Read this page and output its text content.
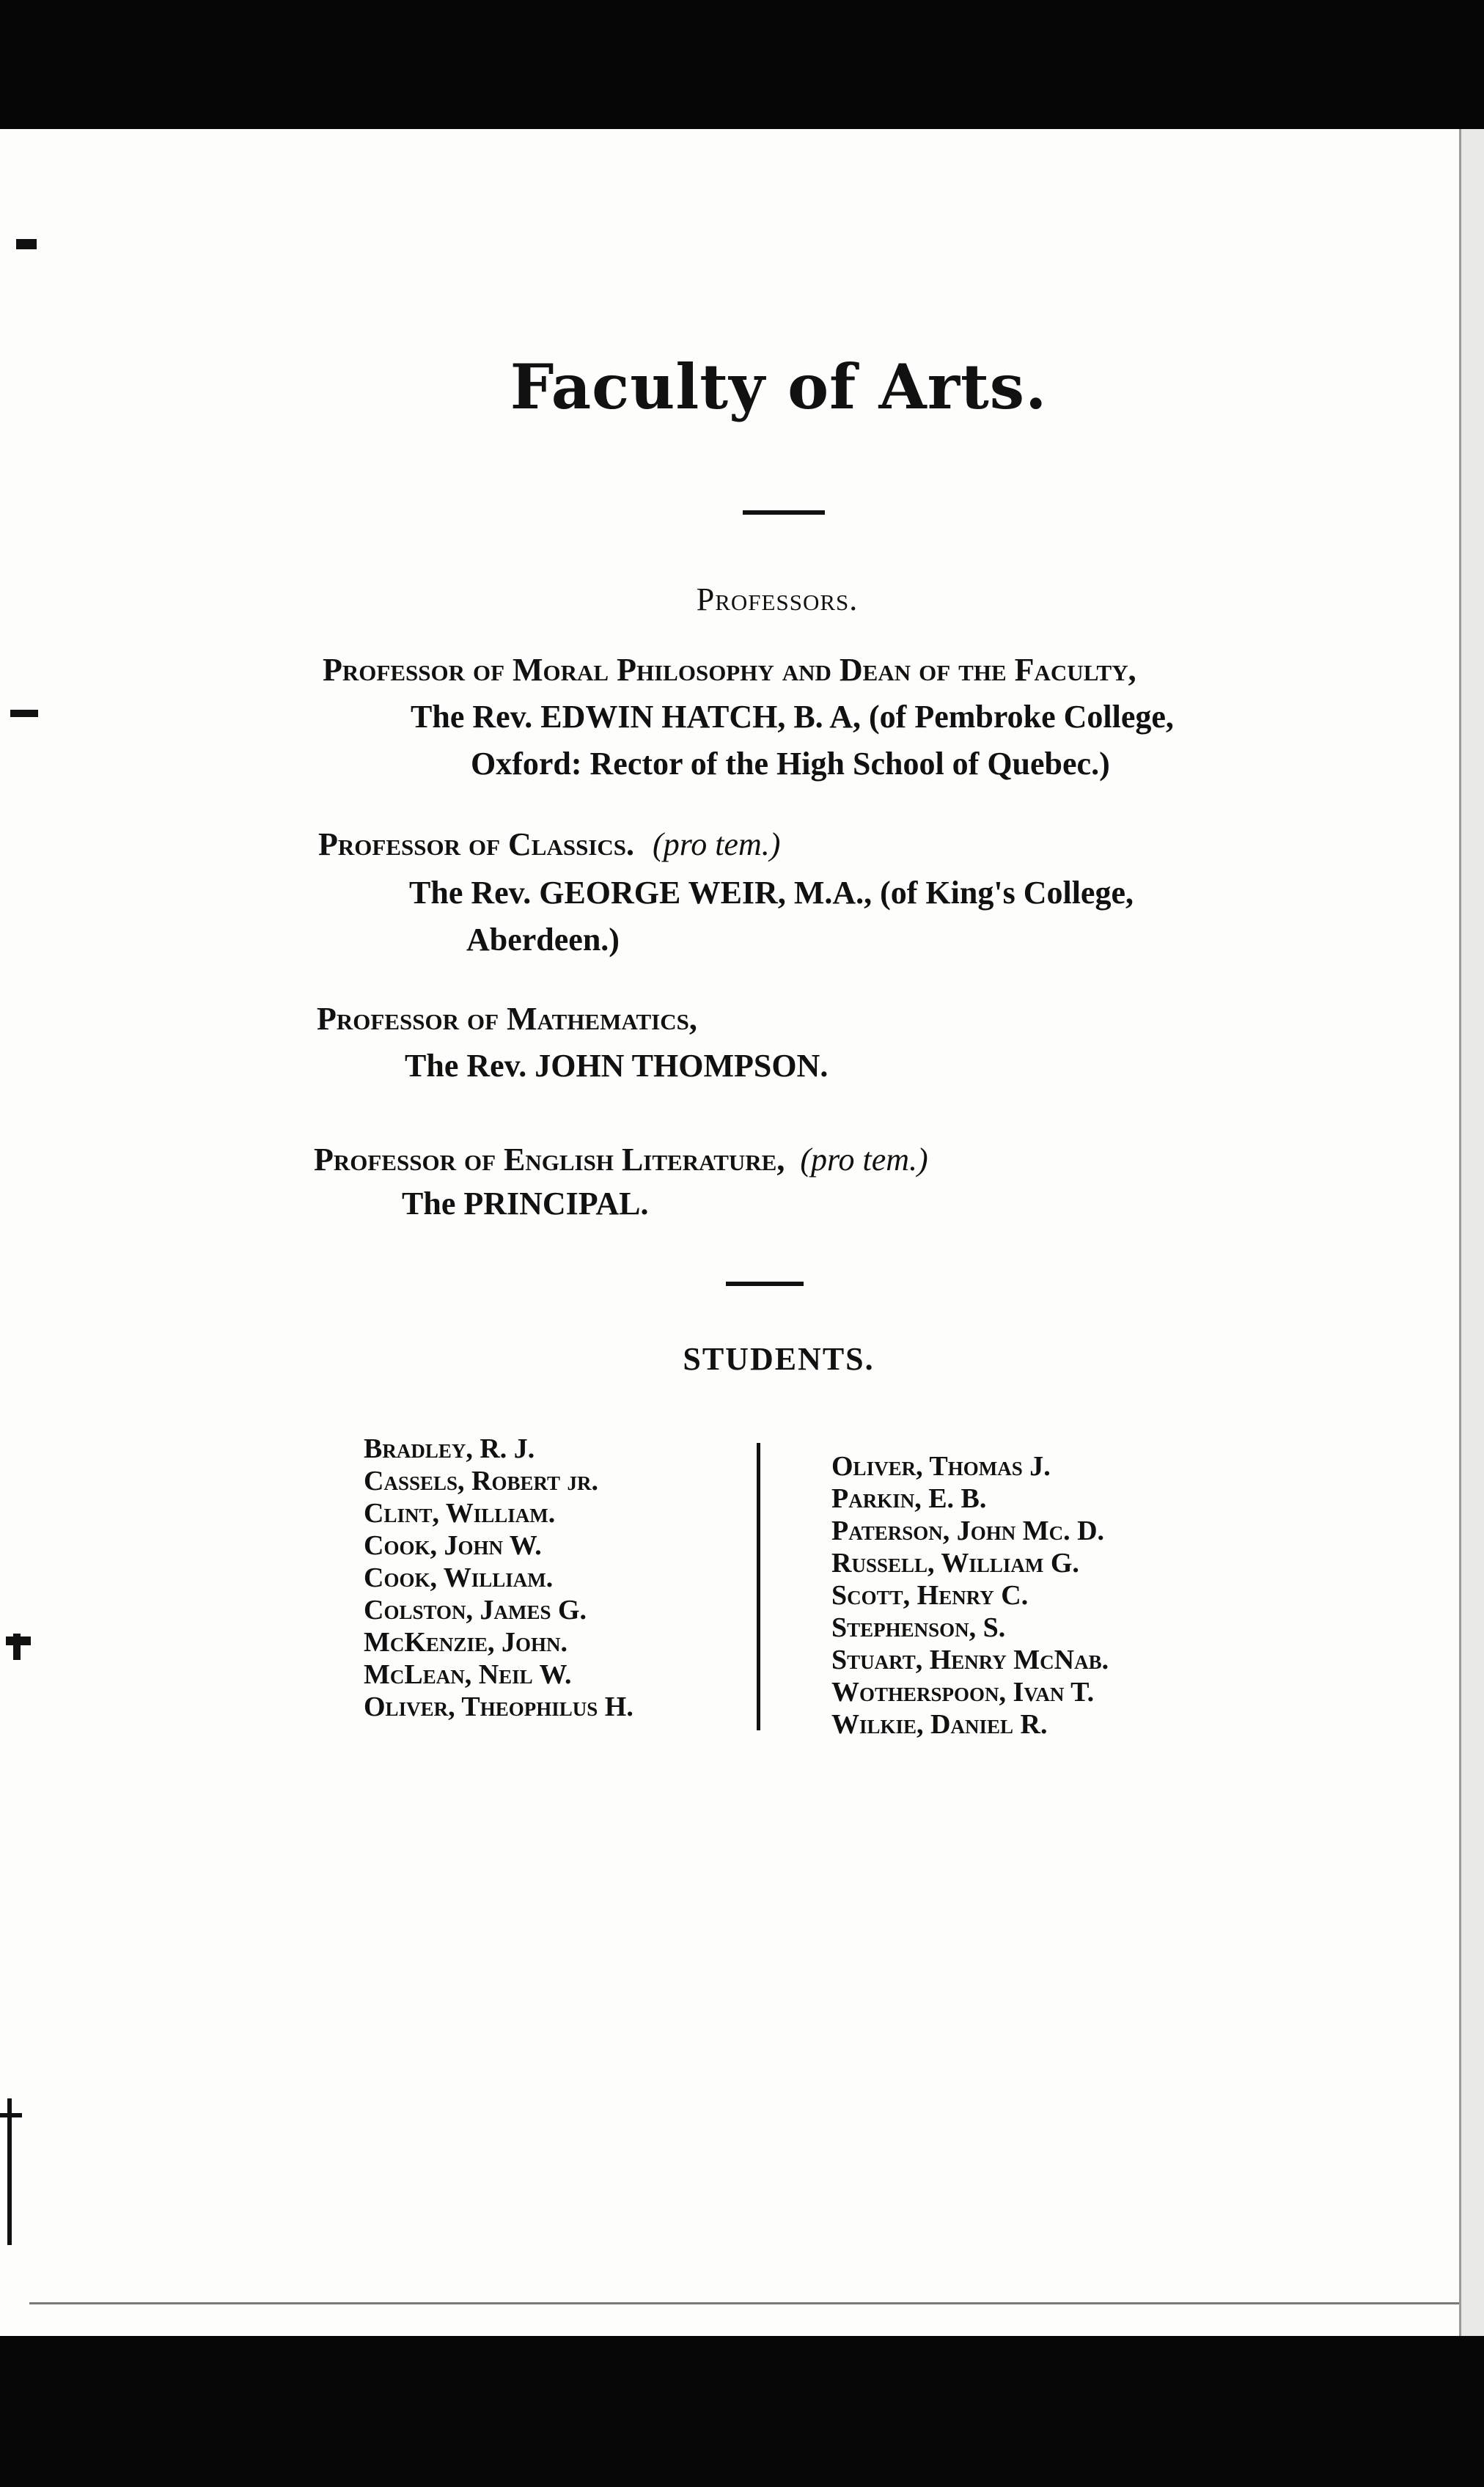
Faculty of Arts.
Professors.
Professor of Moral Philosophy and Dean of the Faculty,
The Rev. EDWIN HATCH, B. A, (of Pembroke College,
Oxford: Rector of the High School of Quebec.)
Professor of Classics. (pro tem.)
The Rev. GEORGE WEIR, M.A., (of King's College,
Aberdeen.)
Professor of Mathematics,
The Rev. JOHN THOMPSON.
Professor of English Literature, (pro tem.)
The PRINCIPAL.
STUDENTS.
Bradley, R. J.
Cassels, Robert jr.
Clint, William.
Cook, John W.
Cook, William.
Colston, James G.
McKenzie, John.
McLean, Neil W.
Oliver, Theophilus H.
Oliver, Thomas J.
Parkin, E. B.
Paterson, John Mc. D.
Russell, William G.
Scott, Henry C.
Stephenson, S.
Stuart, Henry McNab.
Wotherspoon, Ivan T.
Wilkie, Daniel R.
